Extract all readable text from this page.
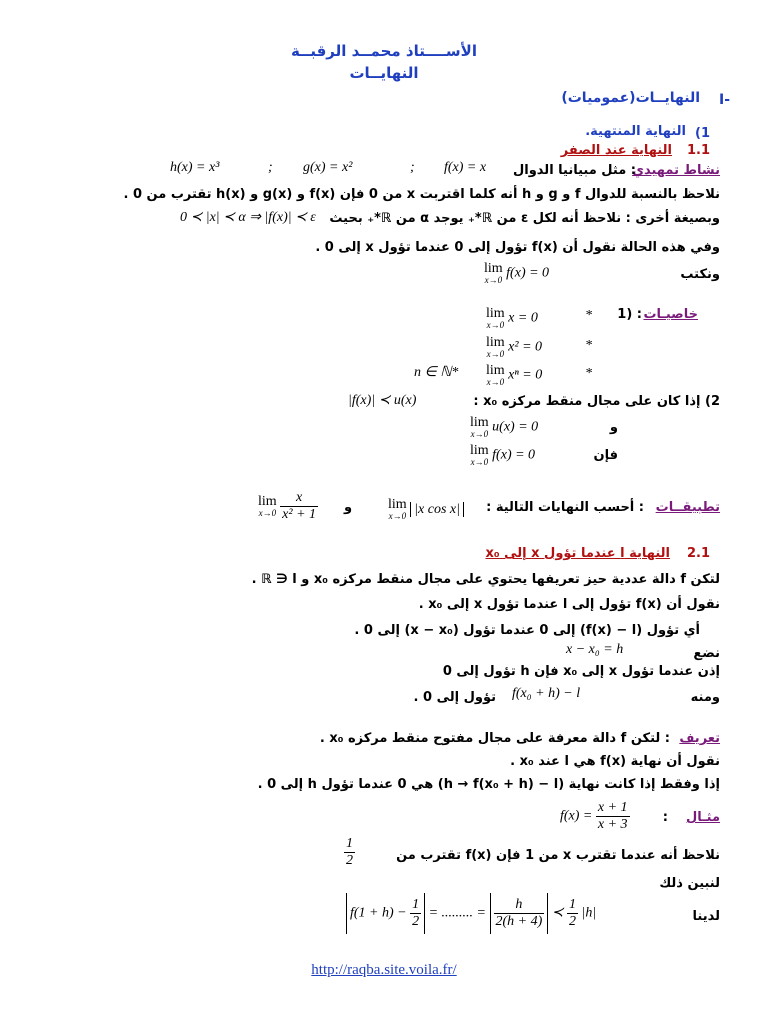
الأســــتاذ محمــد الرقبــة
النهايــات
-I
النهايــات(عموميات)
1)
النهاية المنتهية.
1.1
النهاية عند الصفر
نشاط تمهيدي
: مثل مبيانيا الدوال
f(x) = x
;
g(x) = x²
;
h(x) = x³
نلاحظ بالنسبة للدوال f و g و h أنه كلما اقتربت x من 0 فإن f(x) و g(x) و h(x) تقترب من 0 .
وبصيغة أخرى : نلاحظ أنه لكل ε من ℝ*₊ يوجد α من ℝ*₊ بحيث
0 ≺ |x| ≺ α ⇒ |f(x)| ≺ ε
وفي هذه الحالة نقول أن f(x) تؤول إلى 0 عندما تؤول x إلى 0 .
ونكتب
lim
x→0 f(x) = 0
خاصيـات
: (1
*
lim
x→0 x = 0
*
lim
x→0 x² = 0
*
lim
x→0 xⁿ = 0
n ∈ ℕ*
2) إذا كان على مجال منقط مركزه x₀ :
|f(x)| ≺ u(x)
و
lim
x→0 u(x) = 0
فإن
lim
x→0 f(x) = 0
تطبيقــات
: أحسب النهايات التالية :
lim
x→0 |x cos x|
و
lim
x→0
$\frac{x}{\text{x² + 1}}$
2.1
النهاية l عندما تؤول x إلى x₀
لتكن f دالة عددية حيز تعريفها يحتوي على مجال منقط مركزه x₀ و ℝ ∋ l .
نقول أن f(x) تؤول إلى l عندما تؤول x إلى x₀ .
أي تؤول (f(x) − l) إلى 0 عندما تؤول (x − x₀) إلى 0 .
نضع
x − x₀ = h
إذن عندما تؤول x إلى x₀ فإن h تؤول إلى 0
ومنه
f(x₀ + h) − l
تؤول إلى 0 .
تعريف
: لتكن f دالة معرفة على مجال مفتوح منقط مركزه x₀ .
نقول أن نهاية f(x) هي l عند x₀ .
إذا وفقط إذا كانت نهاية (h → f(x₀ + h) − l) هي 0 عندما تؤول h إلى 0 .
مثـال
:
$f(x) = \frac{x + 1}{x + 3}$
نلاحظ أنه عندما تقترب x من 1 فإن f(x) تقترب من
$\frac{1}{2}$
لنبين ذلك
لدينا
$f(1 + h) - \frac{1}{2}$ = ......... = $\frac{h}{2(h + 4)}$ ≺ $\frac{1}{2} |h|$
http://raqba.site.voila.fr/
